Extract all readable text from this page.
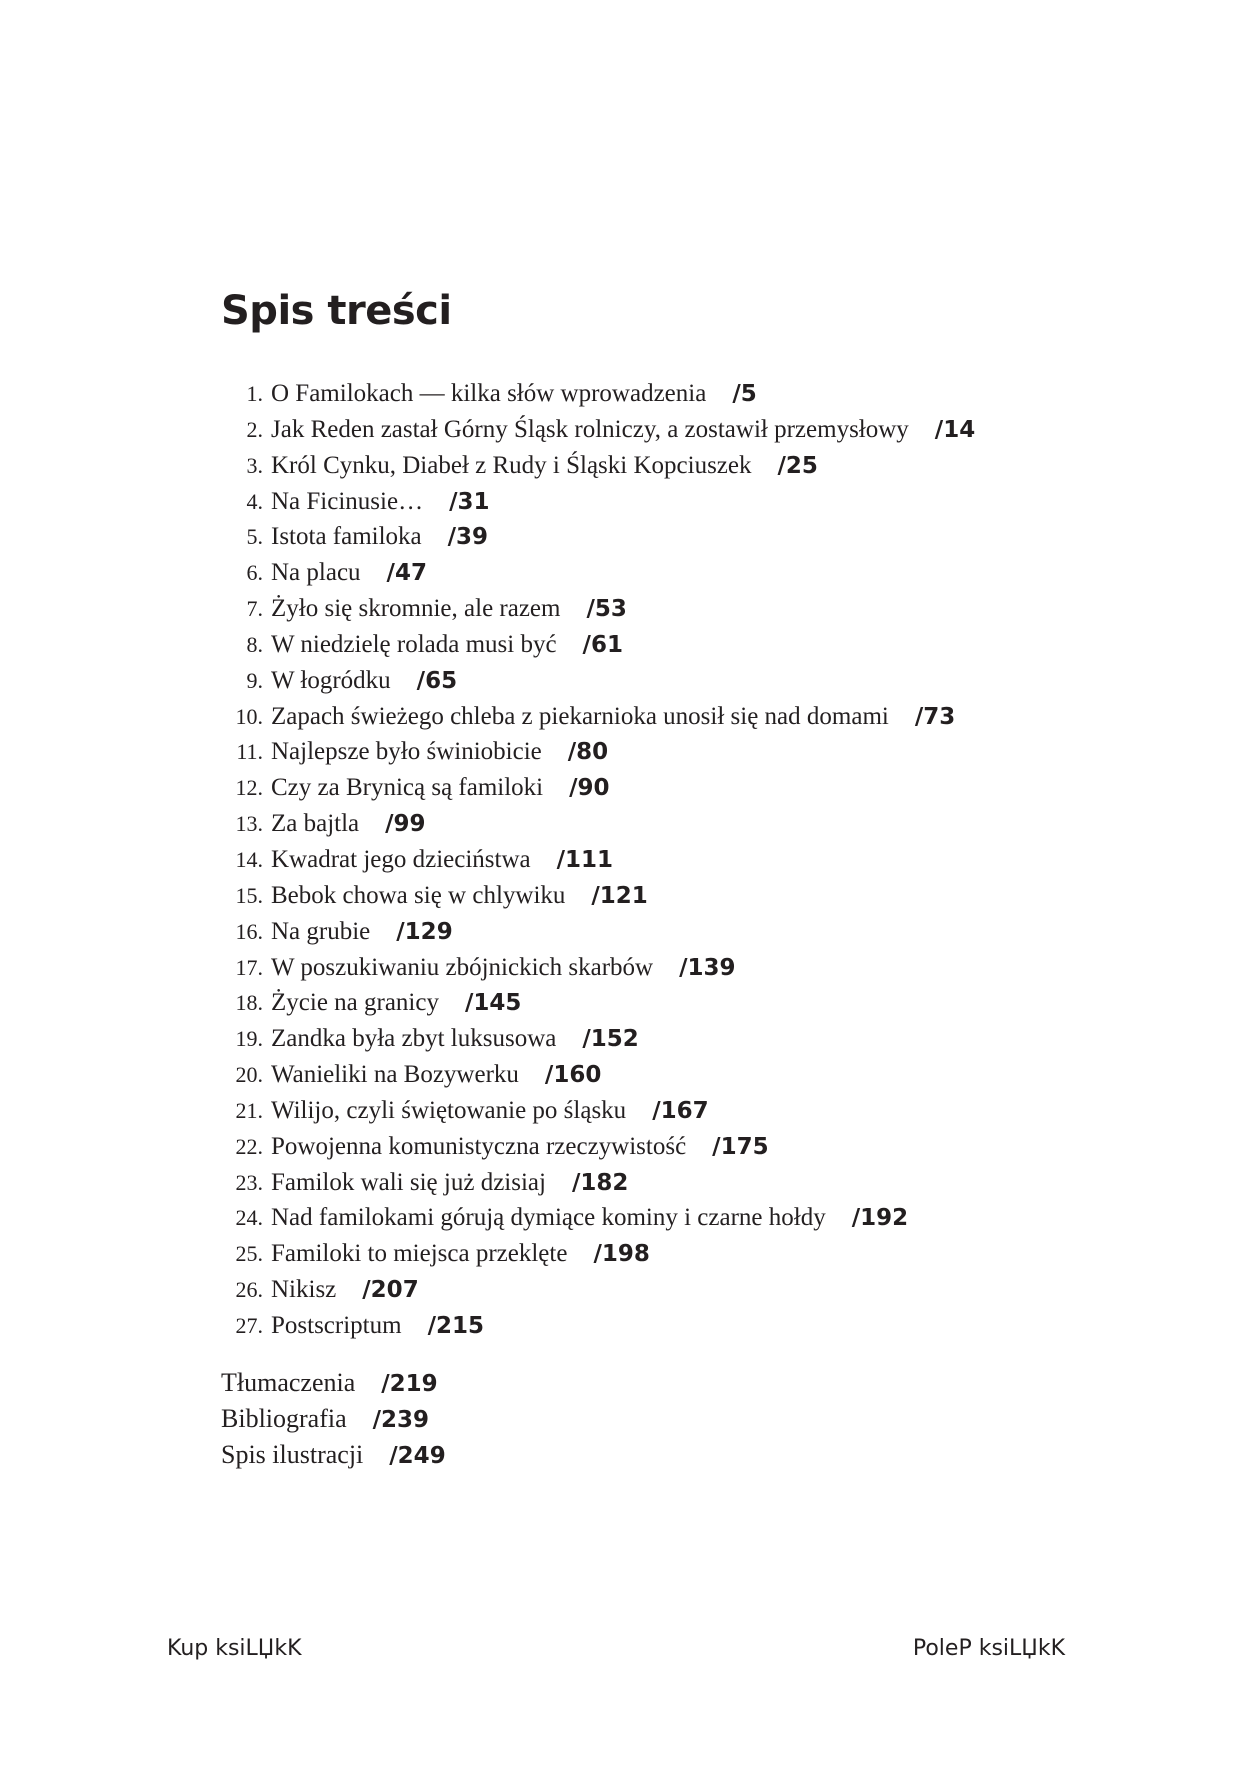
Spis treści
1. O Familokach — kilka słów wprowadzenia /5
2. Jak Reden zastał Górny Śląsk rolniczy, a zostawił przemysłowy /14
3. Król Cynku, Diabeł z Rudy i Śląski Kopciuszek /25
4. Na Ficinusie… /31
5. Istota familoka /39
6. Na placu /47
7. Żyło się skromnie, ale razem /53
8. W niedzielę rolada musi być /61
9. W łogródku /65
10. Zapach świeżego chleba z piekarnioka unosił się nad domami /73
11. Najlepsze było świniobicie /80
12. Czy za Brynicą są familoki /90
13. Za bajtla /99
14. Kwadrat jego dzieciństwa /111
15. Bebok chowa się w chlywiku /121
16. Na grubie /129
17. W poszukiwaniu zbójnickich skarbów /139
18. Życie na granicy /145
19. Zandka była zbyt luksusowa /152
20. Wanieliki na Bozywerku /160
21. Wilijo, czyli świętowanie po śląsku /167
22. Powojenna komunistyczna rzeczywistość /175
23. Familok wali się już dzisiaj /182
24. Nad familokami górują dymiące kominy i czarne hołdy /192
25. Familoki to miejsca przeklęte /198
26. Nikisz /207
27. Postscriptum /215
Tłumaczenia /219
Bibliografia /239
Spis ilustracji /249
Kup ksiLЏkK	PoleP ksiLЏkK
